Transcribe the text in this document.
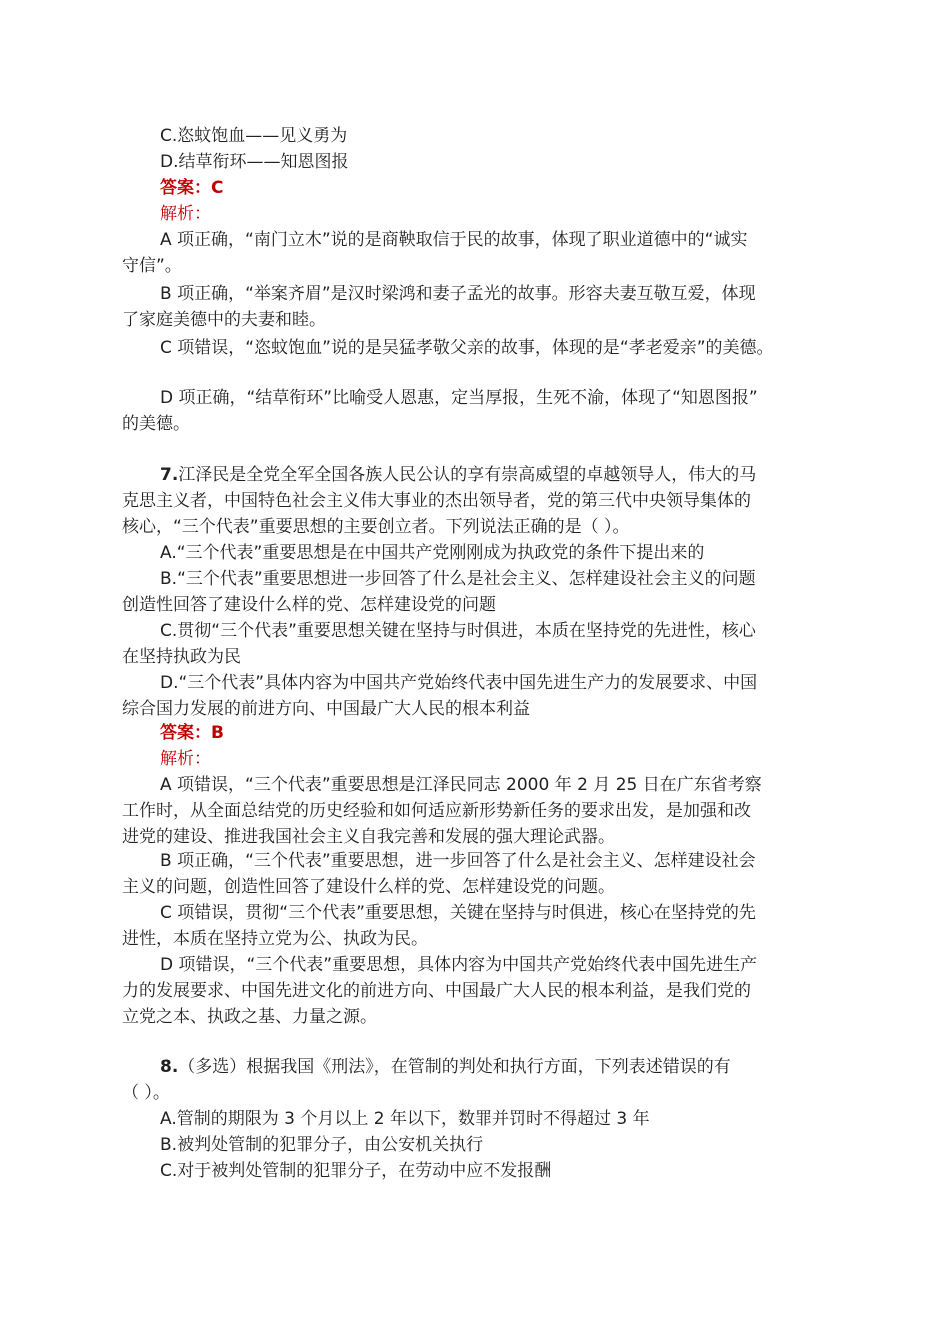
C.恣蚊饱血——见义勇为
D.结草衔环——知恩图报
答案：C
解析：
A 项正确，“南门立木”说的是商鞅取信于民的故事，体现了职业道德中的“诚实
守信”。
B 项正确，“举案齐眉”是汉时梁鸿和妻子孟光的故事。形容夫妻互敬互爱，体现
了家庭美德中的夫妻和睦。
C 项错误，“恣蚊饱血”说的是吴猛孝敬父亲的故事，体现的是“孝老爱亲”的美德。
D 项正确，“结草衔环”比喻受人恩惠，定当厚报，生死不渝，体现了“知恩图报”
的美德。
7.江泽民是全党全军全国各族人民公认的享有崇高威望的卓越领导人，伟大的马
克思主义者，中国特色社会主义伟大事业的杰出领导者，党的第三代中央领导集体的
核心，“三个代表”重要思想的主要创立者。下列说法正确的是（ ）。
A.“三个代表”重要思想是在中国共产党刚刚成为执政党的条件下提出来的
B.“三个代表”重要思想进一步回答了什么是社会主义、怎样建设社会主义的问题
创造性回答了建设什么样的党、怎样建设党的问题
C.贯彻“三个代表”重要思想关键在坚持与时俱进，本质在坚持党的先进性，核心
在坚持执政为民
D.“三个代表”具体内容为中国共产党始终代表中国先进生产力的发展要求、中国
综合国力发展的前进方向、中国最广大人民的根本利益
答案：B
解析：
A 项错误，“三个代表”重要思想是江泽民同志 2000 年 2 月 25 日在广东省考察
工作时，从全面总结党的历史经验和如何适应新形势新任务的要求出发，是加强和改
进党的建设、推进我国社会主义自我完善和发展的强大理论武器。
B 项正确，“三个代表”重要思想，进一步回答了什么是社会主义、怎样建设社会
主义的问题，创造性回答了建设什么样的党、怎样建设党的问题。
C 项错误，贯彻“三个代表”重要思想，关键在坚持与时俱进，核心在坚持党的先
进性，本质在坚持立党为公、执政为民。
D 项错误，“三个代表”重要思想，具体内容为中国共产党始终代表中国先进生产
力的发展要求、中国先进文化的前进方向、中国最广大人民的根本利益，是我们党的
立党之本、执政之基、力量之源。
8.（多选）根据我国《刑法》，在管制的判处和执行方面，下列表述错误的有
（ ）。
A.管制的期限为 3 个月以上 2 年以下，数罪并罚时不得超过 3 年
B.被判处管制的犯罪分子，由公安机关执行
C.对于被判处管制的犯罪分子，在劳动中应不发报酬
